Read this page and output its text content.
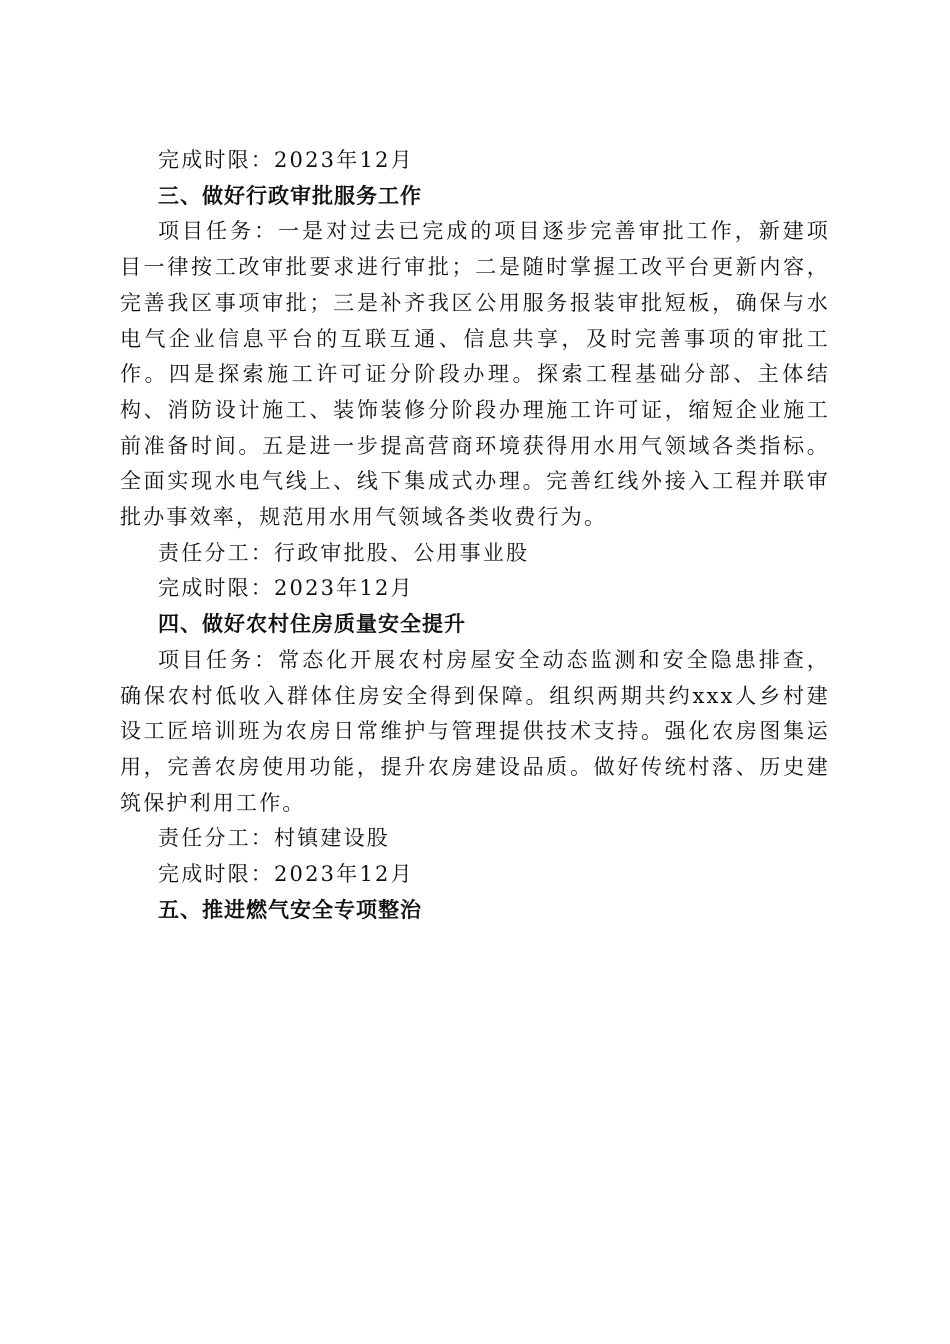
完成时限：2023年12月

三、做好行政审批服务工作

项目任务：一是对过去已完成的项目逐步完善审批工作，新建项目一律按工改审批要求进行审批；二是随时掌握工改平台更新内容，完善我区事项审批；三是补齐我区公用服务报装审批短板，确保与水电气企业信息平台的互联互通、信息共享，及时完善事项的审批工作。四是探索施工许可证分阶段办理。探索工程基础分部、主体结构、消防设计施工、装饰装修分阶段办理施工许可证，缩短企业施工前准备时间。五是进一步提高营商环境获得用水用气领域各类指标。全面实现水电气线上、线下集成式办理。完善红线外接入工程并联审批办事效率，规范用水用气领域各类收费行为。

责任分工：行政审批股、公用事业股

完成时限：2023年12月

四、做好农村住房质量安全提升

项目任务：常态化开展农村房屋安全动态监测和安全隐患排查，确保农村低收入群体住房安全得到保障。组织两期共约xxx人乡村建设工匠培训班为农房日常维护与管理提供技术支持。强化农房图集运用，完善农房使用功能，提升农房建设品质。做好传统村落、历史建筑保护利用工作。

责任分工：村镇建设股

完成时限：2023年12月

五、推进燃气安全专项整治
